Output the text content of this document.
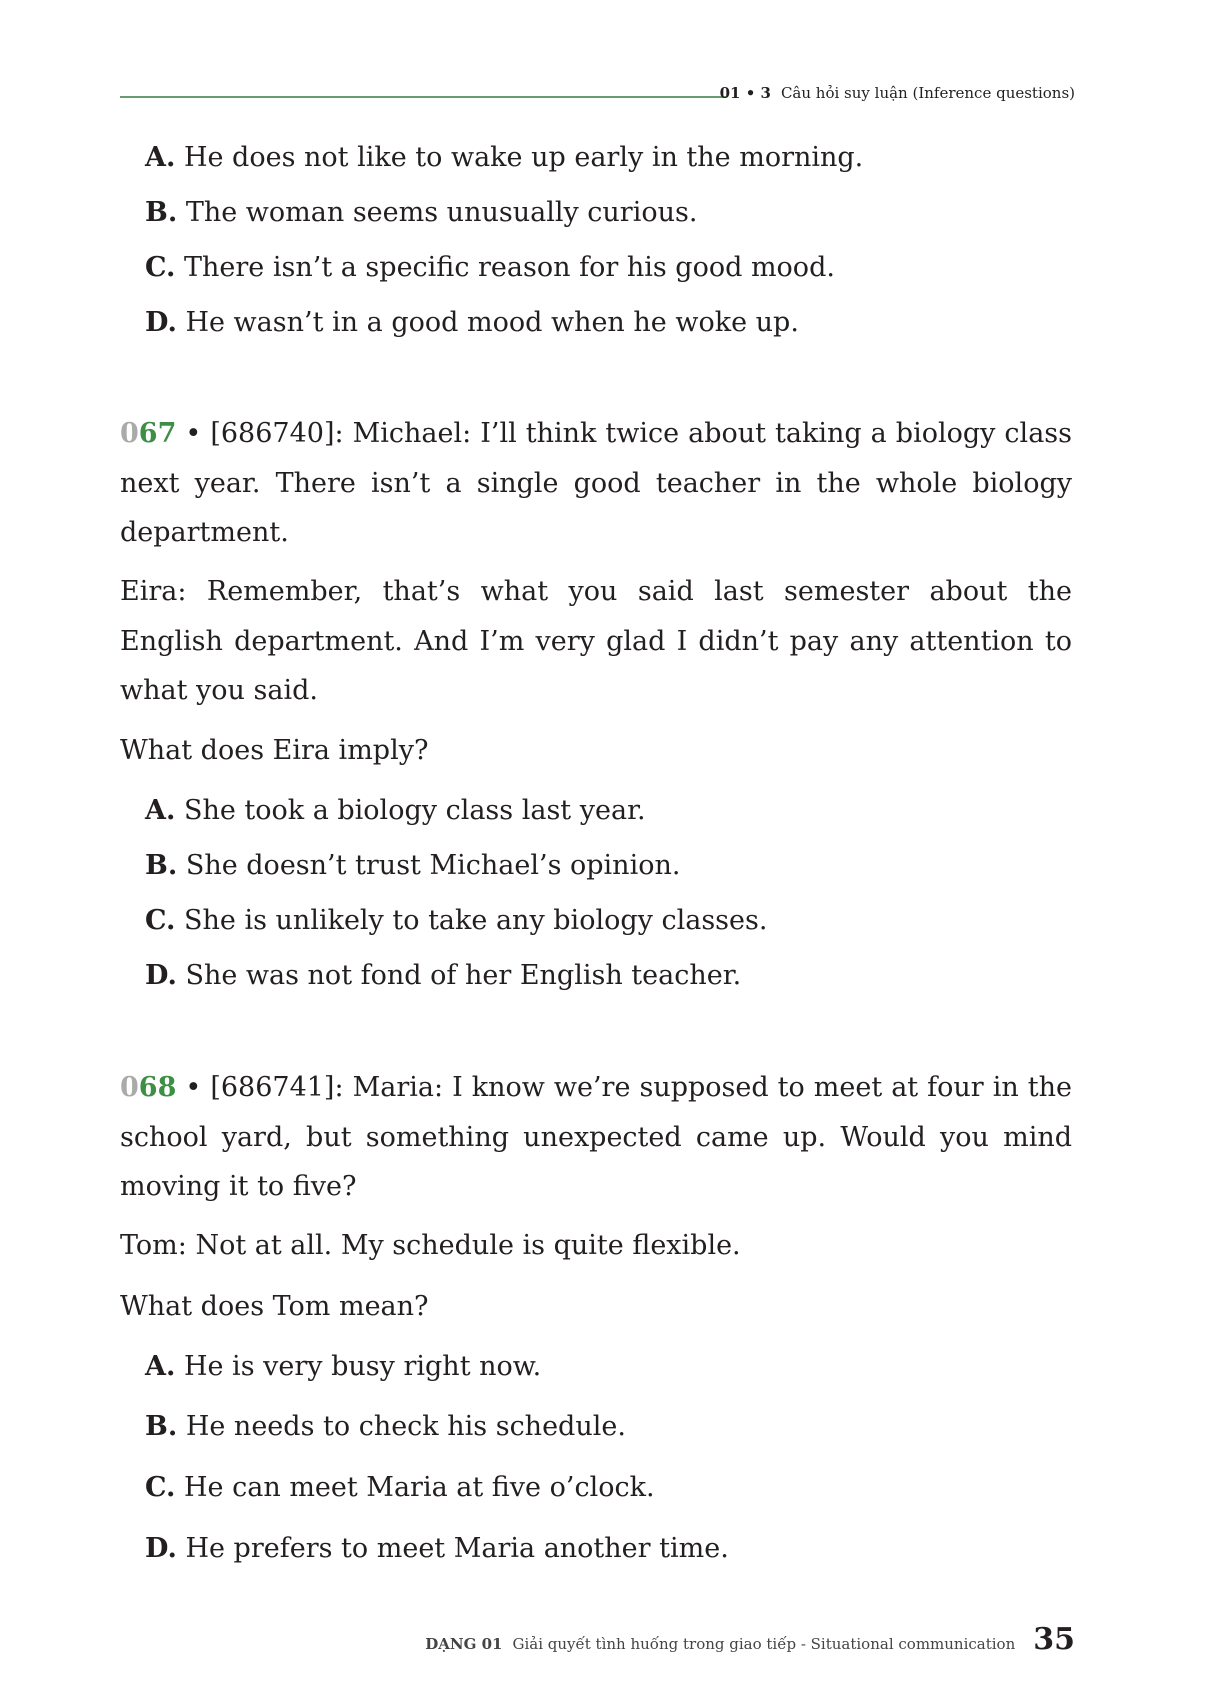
01 • 3 Câu hỏi suy luận (Inference questions)
A. He does not like to wake up early in the morning.
B. The woman seems unusually curious.
C. There isn’t a specific reason for his good mood.
D. He wasn’t in a good mood when he woke up.
067 • [686740]: Michael: I’ll think twice about taking a biology class next year. There isn’t a single good teacher in the whole biology department.
Eira: Remember, that’s what you said last semester about the English department. And I’m very glad I didn’t pay any attention to what you said.
What does Eira imply?
A. She took a biology class last year.
B. She doesn’t trust Michael’s opinion.
C. She is unlikely to take any biology classes.
D. She was not fond of her English teacher.
068 • [686741]: Maria: I know we’re supposed to meet at four in the school yard, but something unexpected came up. Would you mind moving it to five?
Tom: Not at all. My schedule is quite flexible.
What does Tom mean?
A. He is very busy right now.
B. He needs to check his schedule.
C. He can meet Maria at five o’clock.
D. He prefers to meet Maria another time.
DẠNG 01 Giải quyết tình huống trong giao tiếp - Situational communication 35
